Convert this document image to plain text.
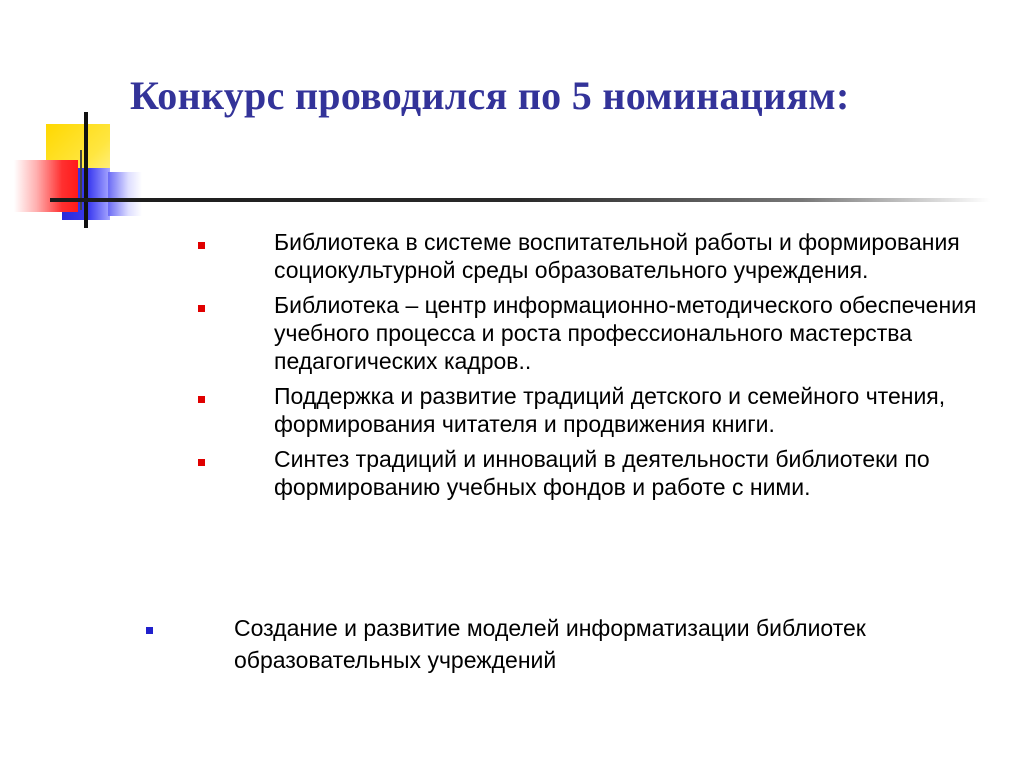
Конкурс проводился по 5 номинациям:
Библиотека в системе воспитательной работы и формирования социокультурной среды образовательного учреждения.
Библиотека – центр информационно-методического обеспечения учебного процесса и роста профессионального мастерства педагогических кадров..
Поддержка и развитие традиций детского и семейного чтения, формирования читателя и продвижения книги.
Синтез традиций и инноваций в деятельности библиотеки по формированию учебных фондов и работе с ними.
Создание и развитие моделей информатизации библиотек образовательных учреждений
